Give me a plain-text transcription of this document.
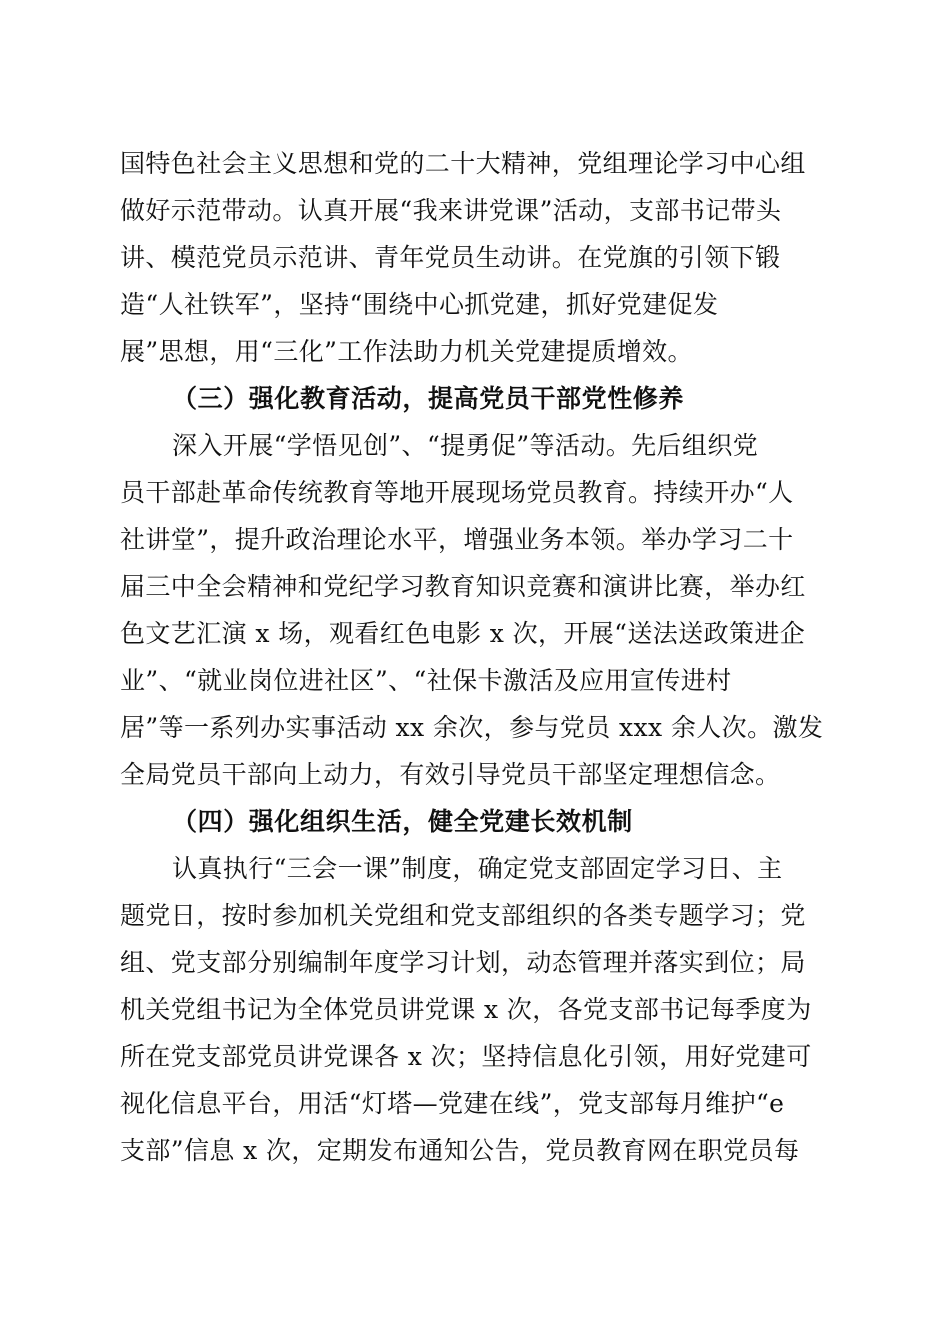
国特色社会主义思想和党的二十大精神，党组理论学习中心组
做好示范带动。认真开展“我来讲党课”活动，支部书记带头
讲、模范党员示范讲、青年党员生动讲。在党旗的引领下锻
造“人社铁军”，坚持“围绕中心抓党建，抓好党建促发
展”思想，用“三化”工作法助力机关党建提质增效。
（三）强化教育活动，提高党员干部党性修养
深入开展“学悟见创”、“提勇促”等活动。先后组织党
员干部赴革命传统教育等地开展现场党员教育。持续开办“人
社讲堂”，提升政治理论水平，增强业务本领。举办学习二十
届三中全会精神和党纪学习教育知识竞赛和演讲比赛，举办红
色文艺汇演 x 场，观看红色电影 x 次，开展“送法送政策进企
业”、“就业岗位进社区”、“社保卡激活及应用宣传进村
居”等一系列办实事活动 xx 余次，参与党员 xxx 余人次。激发
全局党员干部向上动力，有效引导党员干部坚定理想信念。
（四）强化组织生活，健全党建长效机制
认真执行“三会一课”制度，确定党支部固定学习日、主
题党日，按时参加机关党组和党支部组织的各类专题学习；党
组、党支部分别编制年度学习计划，动态管理并落实到位；局
机关党组书记为全体党员讲党课 x 次，各党支部书记每季度为
所在党支部党员讲党课各 x 次；坚持信息化引领，用好党建可
视化信息平台，用活“灯塔—党建在线”，党支部每月维护“e
支部”信息 x 次，定期发布通知公告，党员教育网在职党员每
